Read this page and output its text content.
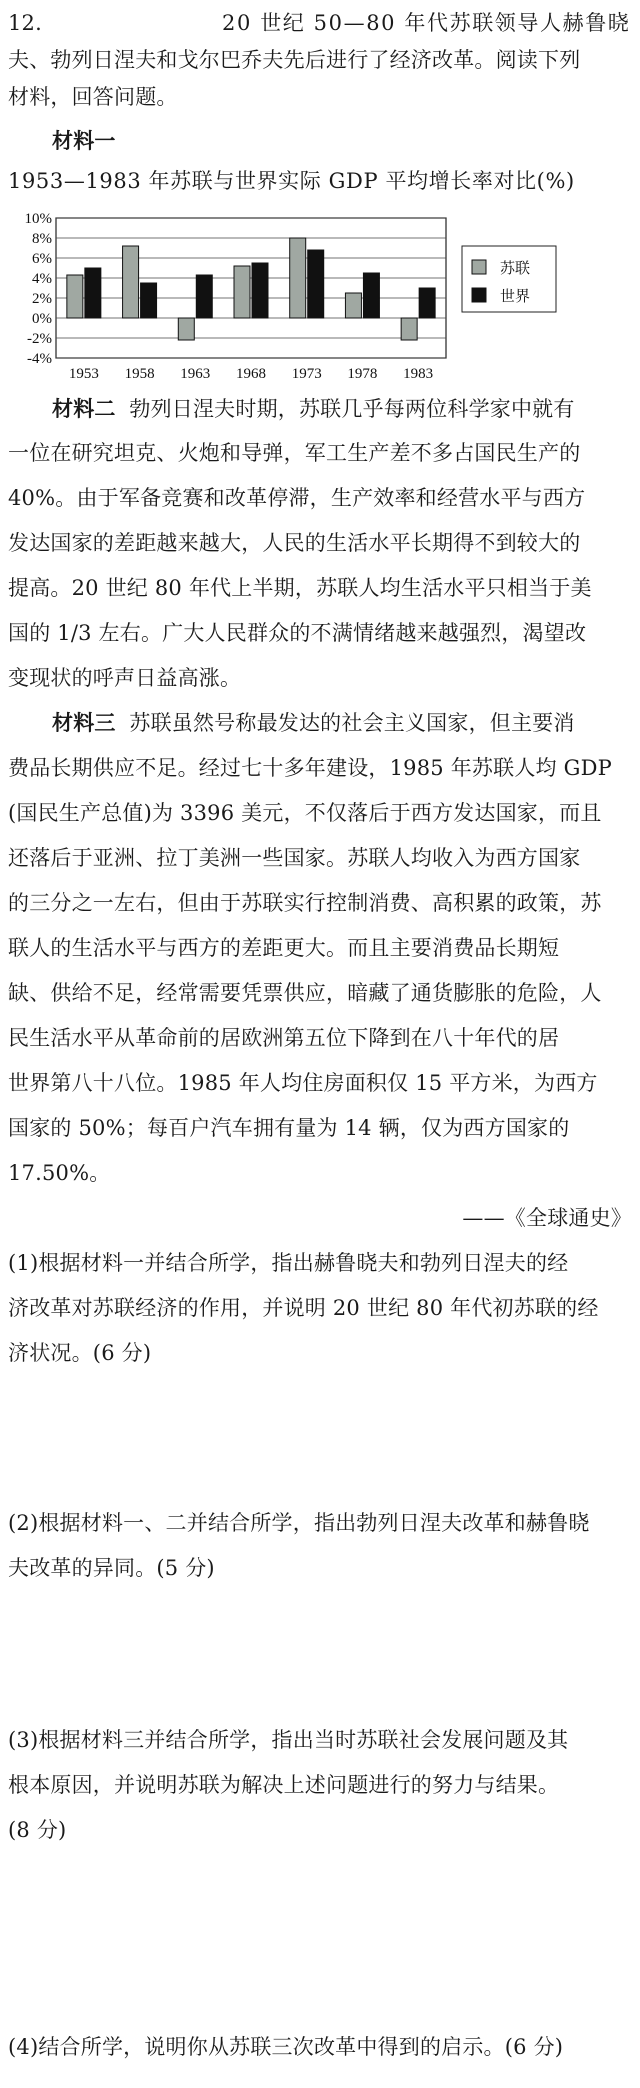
12.	20 世纪 50—80 年代苏联领导人赫鲁晓
夫、勃列日涅夫和戈尔巴乔夫先后进行了经济改革。阅读下列
材料，回答问题。
材料一
1953—1983 年苏联与世界实际 GDP 平均增长率对比(%)
10%
8%
6%
4%
2%
0%
-2%
-4%
1953 1958 1963 1968 1973 1978 1983
苏联
世界
材料二 勃列日涅夫时期，苏联几乎每两位科学家中就有
一位在研究坦克、火炮和导弹，军工生产差不多占国民生产的
40%。由于军备竞赛和改革停滞，生产效率和经营水平与西方
发达国家的差距越来越大，人民的生活水平长期得不到较大的
提高。20 世纪 80 年代上半期，苏联人均生活水平只相当于美
国的 1/3 左右。广大人民群众的不满情绪越来越强烈，渴望改
变现状的呼声日益高涨。
材料三 苏联虽然号称最发达的社会主义国家，但主要消
费品长期供应不足。经过七十多年建设，1985 年苏联人均 GDP
(国民生产总值)为 3396 美元，不仅落后于西方发达国家，而且
还落后于亚洲、拉丁美洲一些国家。苏联人均收入为西方国家
的三分之一左右，但由于苏联实行控制消费、高积累的政策，苏
联人的生活水平与西方的差距更大。而且主要消费品长期短
缺、供给不足，经常需要凭票供应，暗藏了通货膨胀的危险，人
民生活水平从革命前的居欧洲第五位下降到在八十年代的居
世界第八十八位。1985 年人均住房面积仅 15 平方米，为西方
国家的 50%；每百户汽车拥有量为 14 辆，仅为西方国家的
17.50%。
——《全球通史》
(1)根据材料一并结合所学，指出赫鲁晓夫和勃列日涅夫的经
济改革对苏联经济的作用，并说明 20 世纪 80 年代初苏联的经
济状况。(6 分)
(2)根据材料一、二并结合所学，指出勃列日涅夫改革和赫鲁晓
夫改革的异同。(5 分)
(3)根据材料三并结合所学，指出当时苏联社会发展问题及其
根本原因，并说明苏联为解决上述问题进行的努力与结果。
(8 分)
(4)结合所学，说明你从苏联三次改革中得到的启示。(6 分)
